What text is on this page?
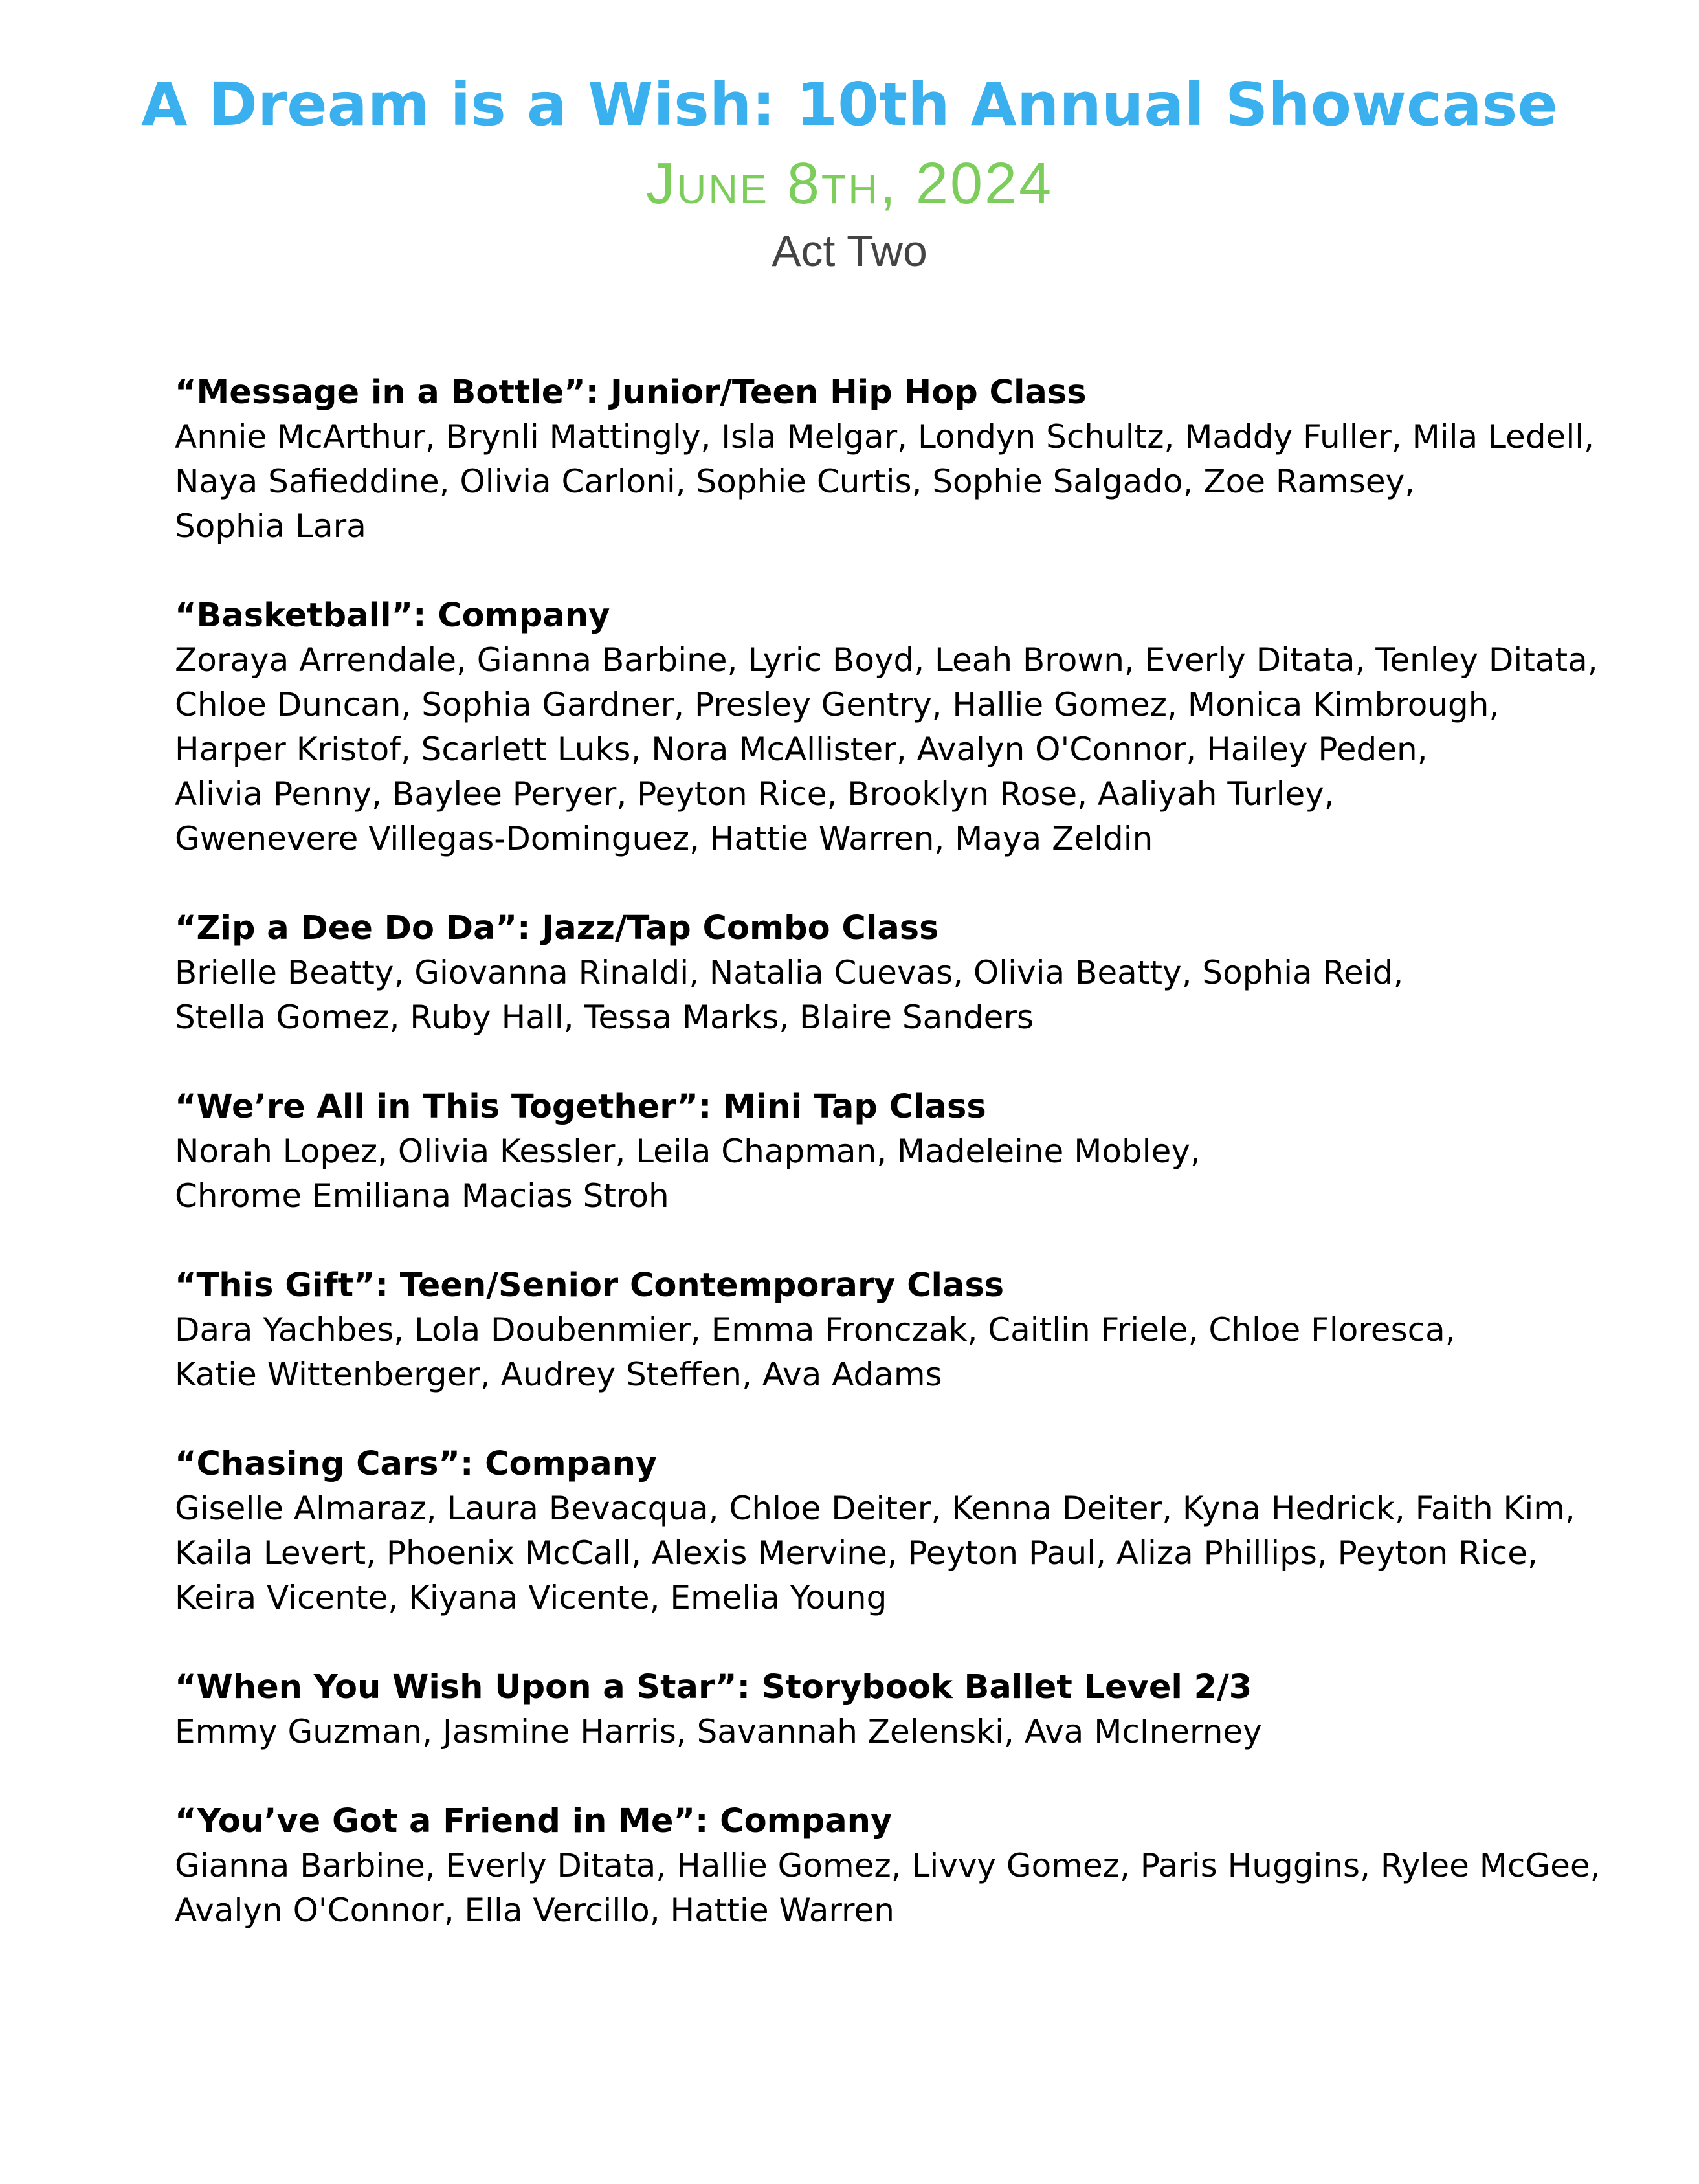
A Dream is a Wish: 10th Annual Showcase
June 8th, 2024
Act Two
“Message in a Bottle”: Junior/Teen Hip Hop Class
Annie McArthur, Brynli Mattingly, Isla Melgar, Londyn Schultz, Maddy Fuller, Mila Ledell,
Naya Safieddine, Olivia Carloni, Sophie Curtis, Sophie Salgado, Zoe Ramsey,
Sophia Lara
“Basketball”: Company
Zoraya Arrendale, Gianna Barbine, Lyric Boyd, Leah Brown, Everly Ditata, Tenley Ditata,
Chloe Duncan, Sophia Gardner, Presley Gentry, Hallie Gomez, Monica Kimbrough,
Harper Kristof, Scarlett Luks, Nora McAllister, Avalyn O'Connor, Hailey Peden,
Alivia Penny, Baylee Peryer, Peyton Rice, Brooklyn Rose, Aaliyah Turley,
Gwenevere Villegas-Dominguez, Hattie Warren, Maya Zeldin
“Zip a Dee Do Da”: Jazz/Tap Combo Class
Brielle Beatty, Giovanna Rinaldi, Natalia Cuevas, Olivia Beatty, Sophia Reid,
Stella Gomez, Ruby Hall, Tessa Marks, Blaire Sanders
“We’re All in This Together”: Mini Tap Class
Norah Lopez, Olivia Kessler, Leila Chapman, Madeleine Mobley,
Chrome Emiliana Macias Stroh
“This Gift”: Teen/Senior Contemporary Class
Dara Yachbes, Lola Doubenmier, Emma Fronczak, Caitlin Friele, Chloe Floresca,
Katie Wittenberger, Audrey Steffen, Ava Adams
“Chasing Cars”: Company
Giselle Almaraz, Laura Bevacqua, Chloe Deiter, Kenna Deiter, Kyna Hedrick, Faith Kim,
Kaila Levert, Phoenix McCall, Alexis Mervine, Peyton Paul, Aliza Phillips, Peyton Rice,
Keira Vicente, Kiyana Vicente, Emelia Young
“When You Wish Upon a Star”: Storybook Ballet Level 2/3
Emmy Guzman, Jasmine Harris, Savannah Zelenski, Ava McInerney
“You’ve Got a Friend in Me”: Company
Gianna Barbine, Everly Ditata, Hallie Gomez, Livvy Gomez, Paris Huggins, Rylee McGee,
Avalyn O'Connor, Ella Vercillo, Hattie Warren
